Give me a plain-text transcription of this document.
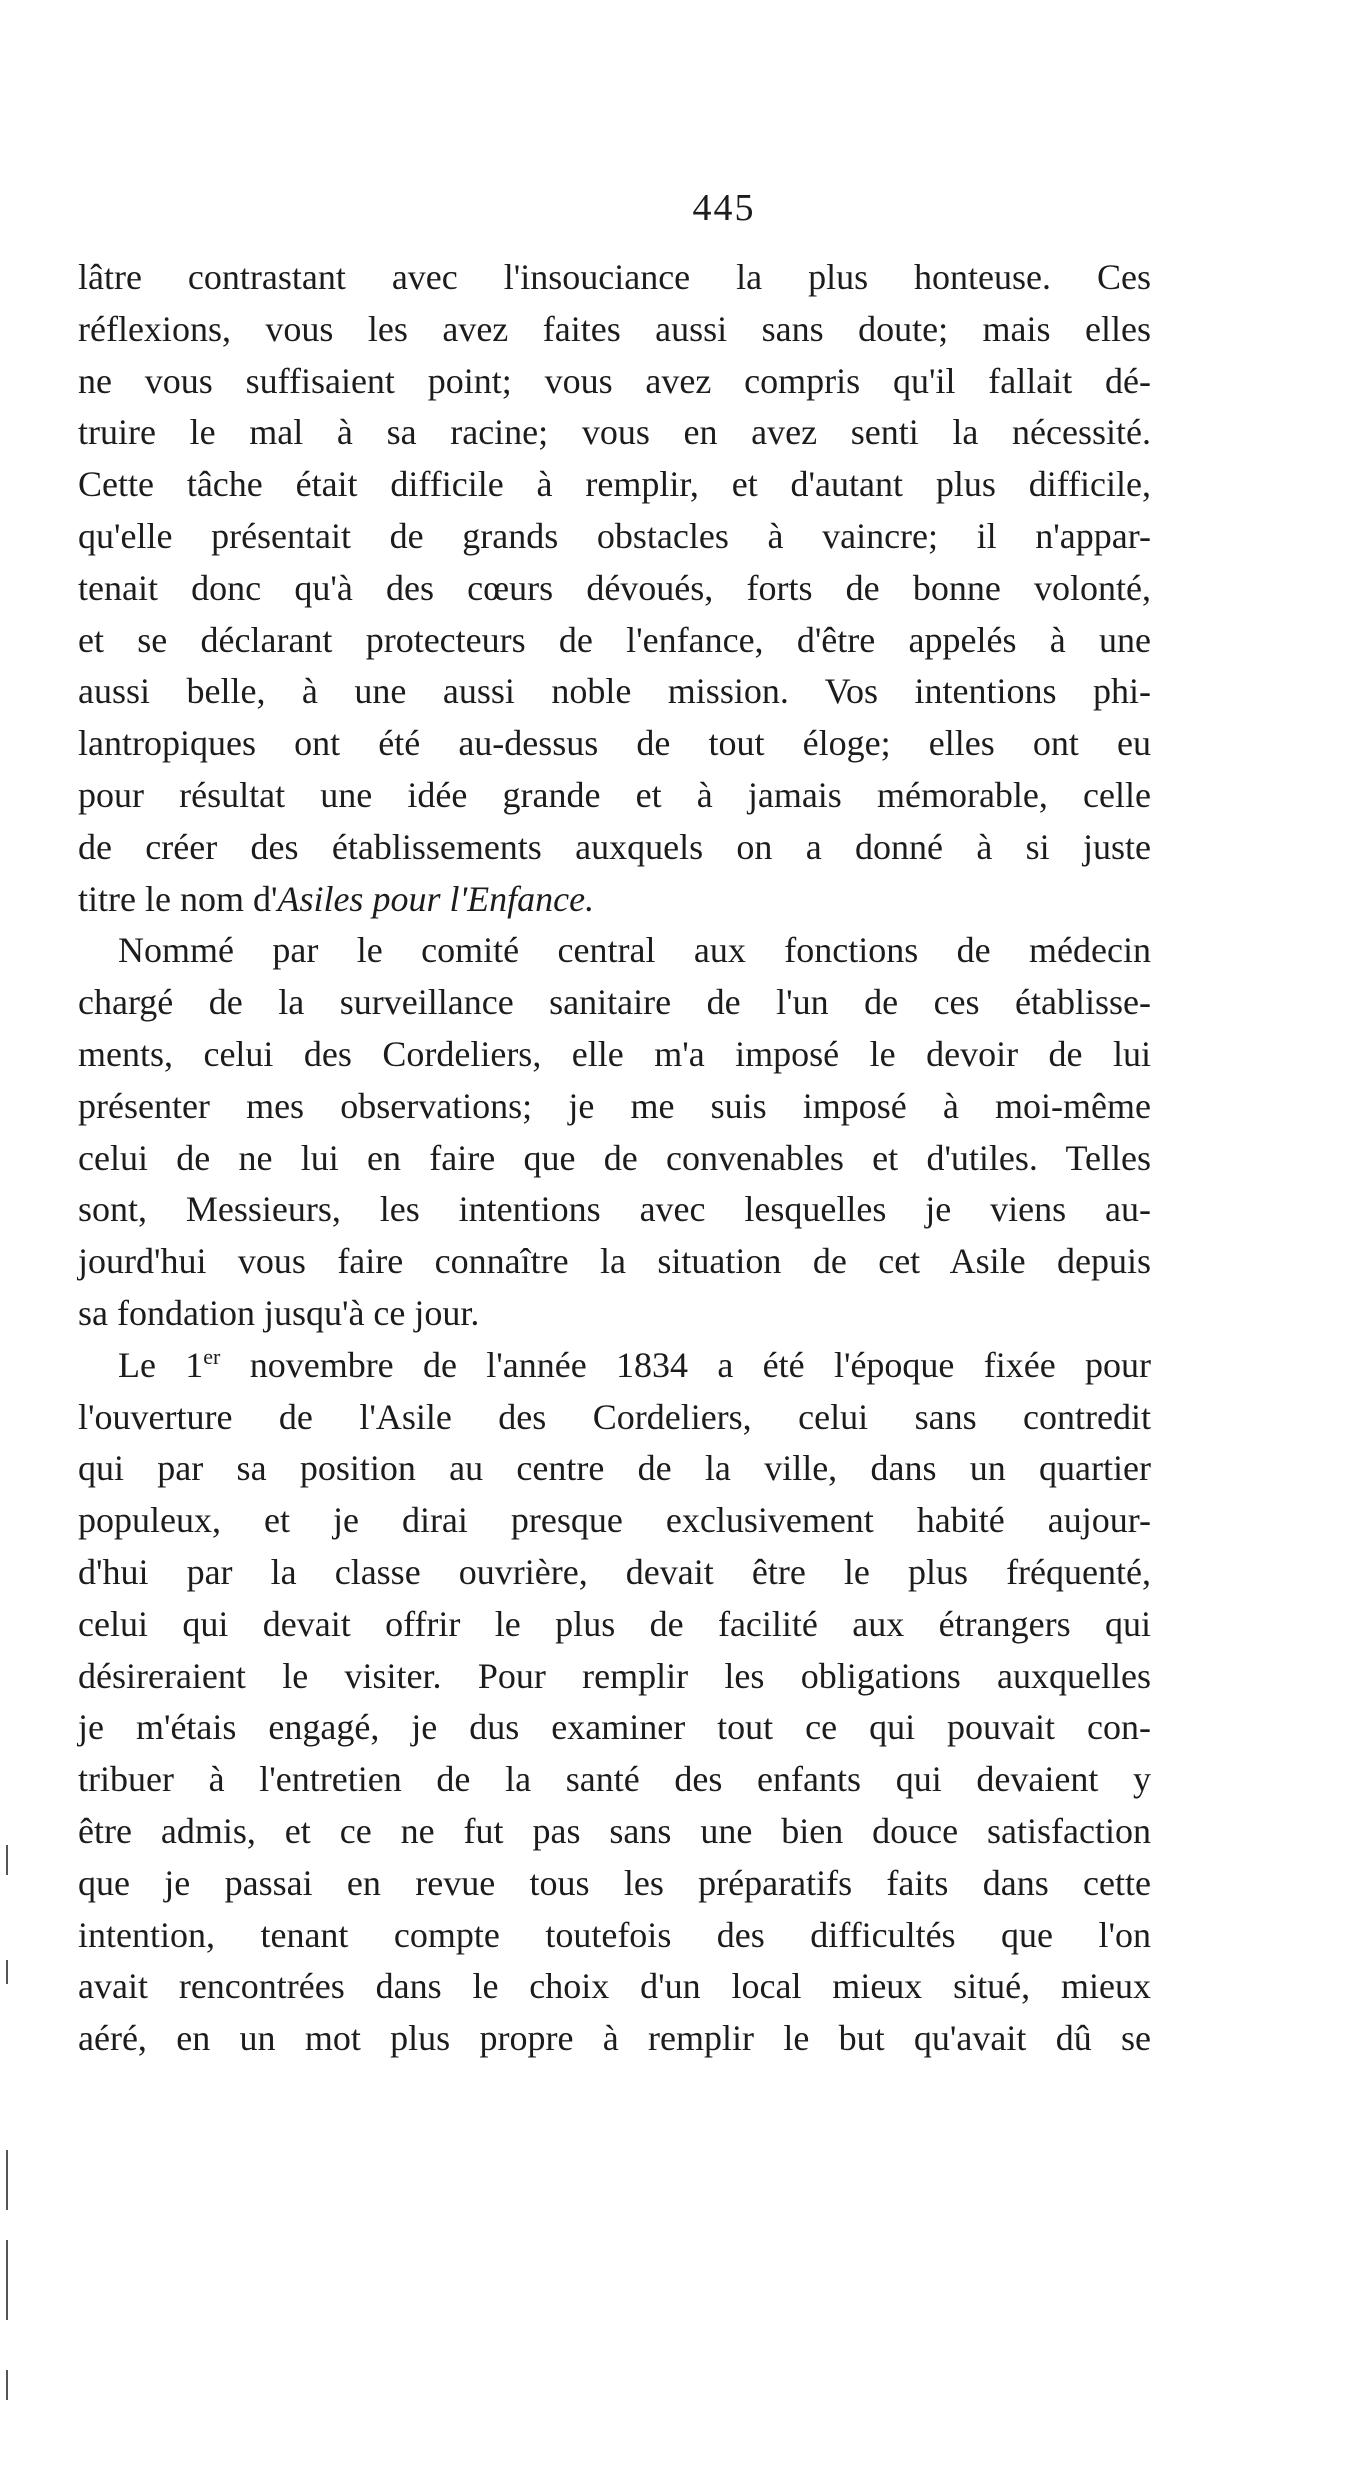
445
lâtre contrastant avec l'insouciance la plus honteuse. Ces
réflexions, vous les avez faites aussi sans doute; mais elles
ne vous suffisaient point; vous avez compris qu'il fallait dé-
truire le mal à sa racine; vous en avez senti la nécessité.
Cette tâche était difficile à remplir, et d'autant plus difficile,
qu'elle présentait de grands obstacles à vaincre; il n'appar-
tenait donc qu'à des cœurs dévoués, forts de bonne volonté,
et se déclarant protecteurs de l'enfance, d'être appelés à une
aussi belle, à une aussi noble mission. Vos intentions phi-
lantropiques ont été au-dessus de tout éloge; elles ont eu
pour résultat une idée grande et à jamais mémorable, celle
de créer des établissements auxquels on a donné à si juste
titre le nom d'Asiles pour l'Enfance.
Nommé par le comité central aux fonctions de médecin
chargé de la surveillance sanitaire de l'un de ces établisse-
ments, celui des Cordeliers, elle m'a imposé le devoir de lui
présenter mes observations; je me suis imposé à moi-même
celui de ne lui en faire que de convenables et d'utiles. Telles
sont, Messieurs, les intentions avec lesquelles je viens au-
jourd'hui vous faire connaître la situation de cet Asile depuis
sa fondation jusqu'à ce jour.
Le 1er novembre de l'année 1834 a été l'époque fixée pour
l'ouverture de l'Asile des Cordeliers, celui sans contredit
qui par sa position au centre de la ville, dans un quartier
populeux, et je dirai presque exclusivement habité aujour-
d'hui par la classe ouvrière, devait être le plus fréquenté,
celui qui devait offrir le plus de facilité aux étrangers qui
désireraient le visiter. Pour remplir les obligations auxquelles
je m'étais engagé, je dus examiner tout ce qui pouvait con-
tribuer à l'entretien de la santé des enfants qui devaient y
être admis, et ce ne fut pas sans une bien douce satisfaction
que je passai en revue tous les préparatifs faits dans cette
intention, tenant compte toutefois des difficultés que l'on
avait rencontrées dans le choix d'un local mieux situé, mieux
aéré, en un mot plus propre à remplir le but qu'avait dû se
